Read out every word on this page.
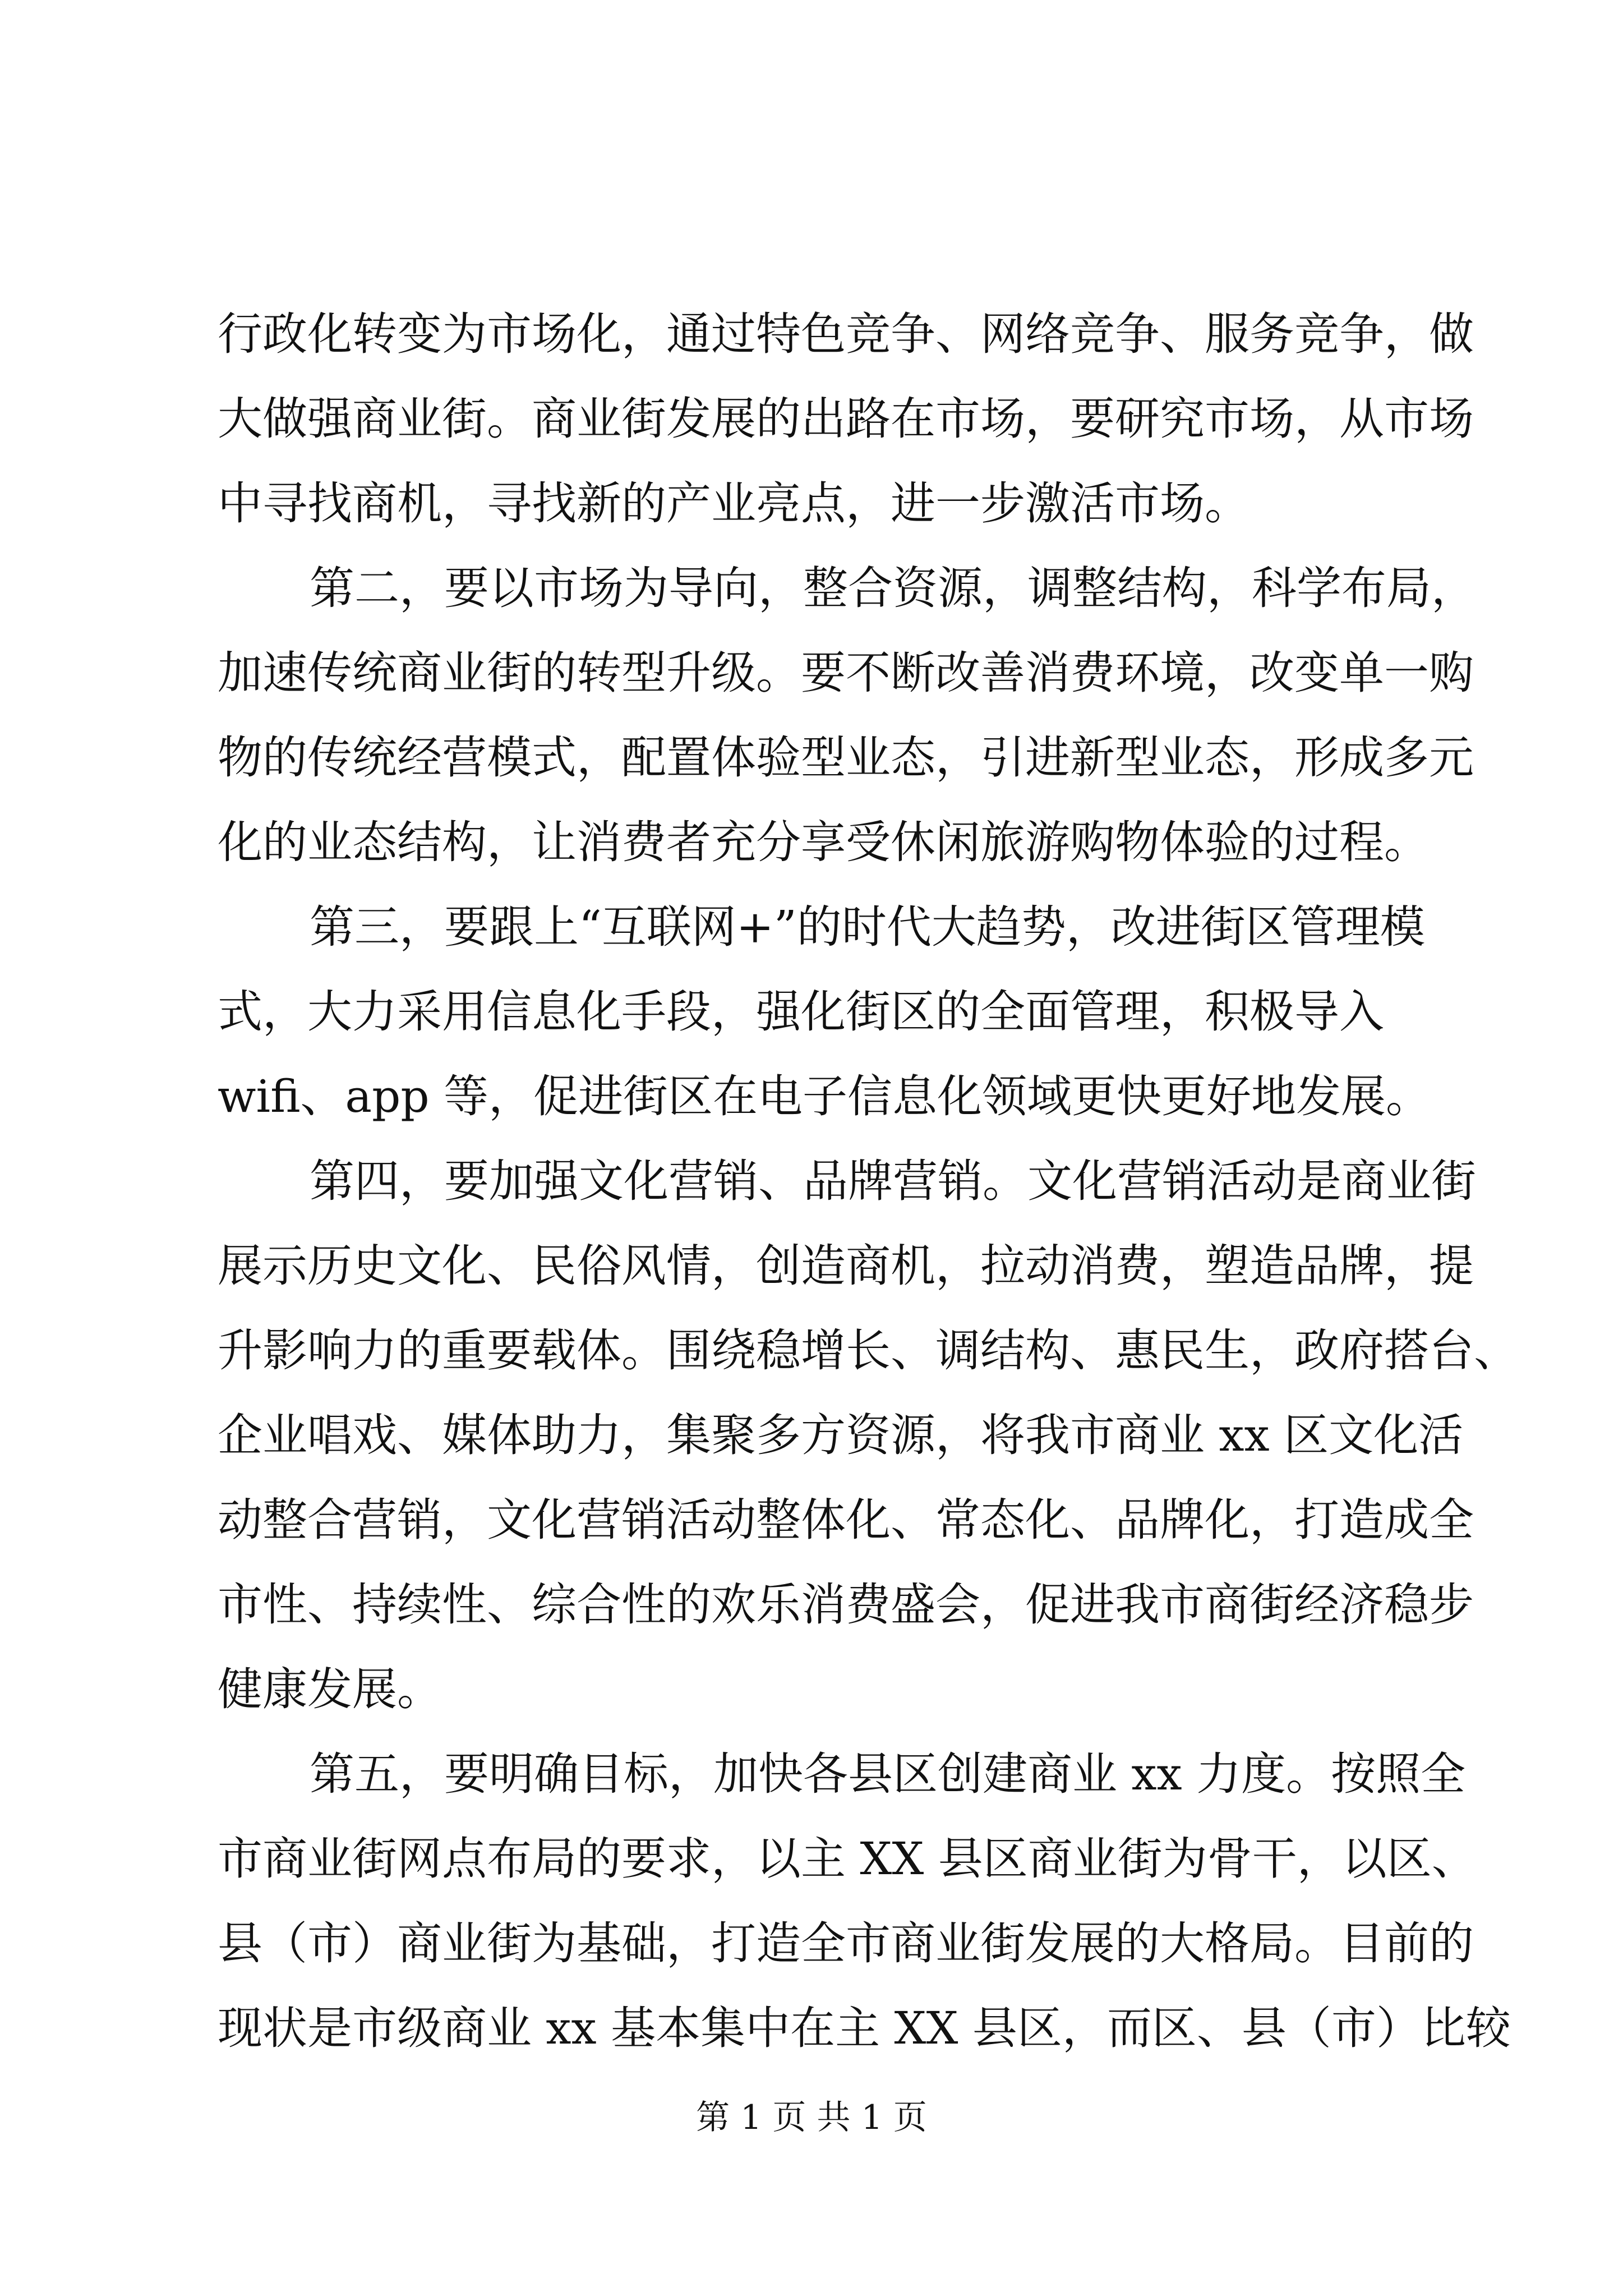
行政化转变为市场化，通过特色竞争、网络竞争、服务竞争，做
大做强商业街。商业街发展的出路在市场，要研究市场，从市场
中寻找商机，寻找新的产业亮点，进一步激活市场。
第二，要以市场为导向，整合资源，调整结构，科学布局，
加速传统商业街的转型升级。要不断改善消费环境，改变单一购
物的传统经营模式，配置体验型业态，引进新型业态，形成多元
化的业态结构，让消费者充分享受休闲旅游购物体验的过程。
第三，要跟上“互联网+”的时代大趋势，改进街区管理模
式，大力采用信息化手段，强化街区的全面管理，积极导入
wifi、app 等，促进街区在电子信息化领域更快更好地发展。
第四，要加强文化营销、品牌营销。文化营销活动是商业街
展示历史文化、民俗风情，创造商机，拉动消费，塑造品牌，提
升影响力的重要载体。围绕稳增长、调结构、惠民生，政府搭台、
企业唱戏、媒体助力，集聚多方资源，将我市商业 xx 区文化活
动整合营销，文化营销活动整体化、常态化、品牌化，打造成全
市性、持续性、综合性的欢乐消费盛会，促进我市商街经济稳步
健康发展。
第五，要明确目标，加快各县区创建商业 xx 力度。按照全
市商业街网点布局的要求，以主 XX 县区商业街为骨干，以区、
县（市）商业街为基础，打造全市商业街发展的大格局。目前的
现状是市级商业 xx 基本集中在主 XX 县区，而区、县（市）比较
第 1 页 共 1 页
